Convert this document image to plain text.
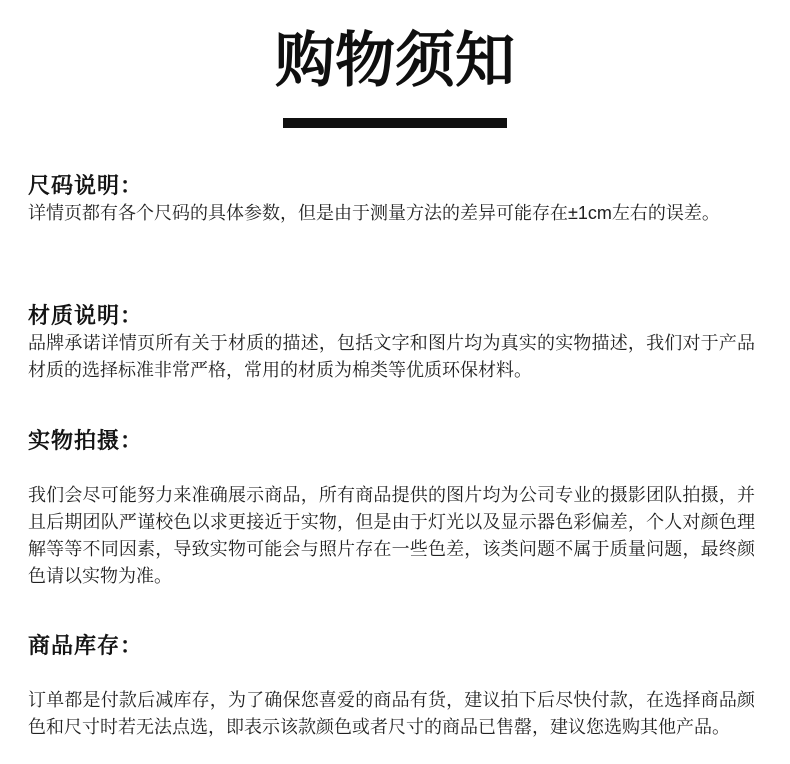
购物须知
尺码说明：

详情页都有各个尺码的具体参数，但是由于测量方法的差异可能存在±1cm左右的误差。

材质说明：

品牌承诺详情页所有关于材质的描述，包括文字和图片均为真实的实物描述，我们对于产品材质的选择标准非常严格，常用的材质为棉类等优质环保材料。

实物拍摄：

我们会尽可能努力来准确展示商品，所有商品提供的图片均为公司专业的摄影团队拍摄，并且后期团队严谨校色以求更接近于实物，但是由于灯光以及显示器色彩偏差，个人对颜色理解等等不同因素，导致实物可能会与照片存在一些色差，该类问题不属于质量问题，最终颜色请以实物为准。

商品库存：

订单都是付款后减库存，为了确保您喜爱的商品有货，建议拍下后尽快付款，在选择商品颜色和尺寸时若无法点选，即表示该款颜色或者尺寸的商品已售罄，建议您选购其他产品。
